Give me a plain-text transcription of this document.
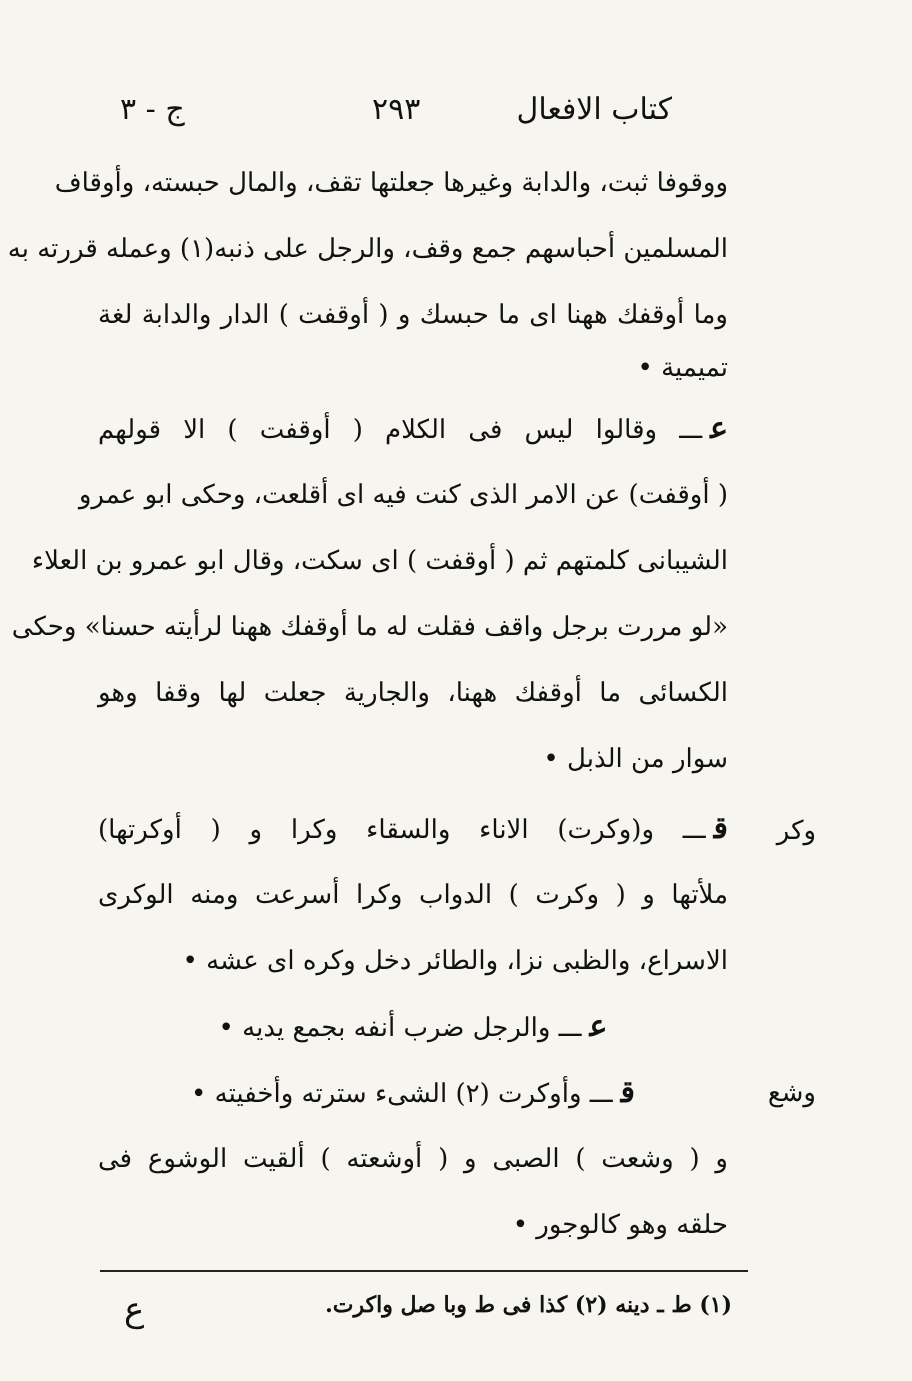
كتاب الافعال
٢٩٣
ج - ٣
ووقوفا ثبت، والدابة وغيرها جعلتها تقف، والمال حبسته، وأوقاف
المسلمين أحباسهم جمع وقف، والرجل على ذنبه(١) وعمله قررته به
وما أوقفك ههنا اى ما حبسك و ( أوقفت ) الدار والدابة لغة
تميمية •
عـــ وقالوا ليس فى الكلام ( أوقفت ) الا قولهم
( أوقفت) عن الامر الذى كنت فيه اى أقلعت، وحكى ابو عمرو
الشيبانى كلمتهم ثم ( أوقفت ) اى سكت، وقال ابو عمرو بن العلاء
«لو مررت برجل واقف فقلت له ما أوقفك ههنا لرأيته حسنا» وحكى
الكسائى ما أوقفك ههنا، والجارية جعلت لها وقفا وهو
سوار من الذبل •
قـــ و(وكرت) الاناء والسقاء وكرا و ( أوكرتها)
ملأتها و ( وكرت ) الدواب وكرا أسرعت ومنه الوكرى
الاسراع، والظبى نزا، والطائر دخل وكره اى عشه •
عـــ والرجل ضرب أنفه بجمع يديه •
قـــ وأوكرت (٢) الشىء سترته وأخفيته •
و ( وشعت ) الصبى و ( أوشعته ) ألقيت الوشوع فى
حلقه وهو كالوجور •
وكر
وشع
(١) ط ـ دينه (٢) كذا فى ط وبا صل واكرت.
ع
